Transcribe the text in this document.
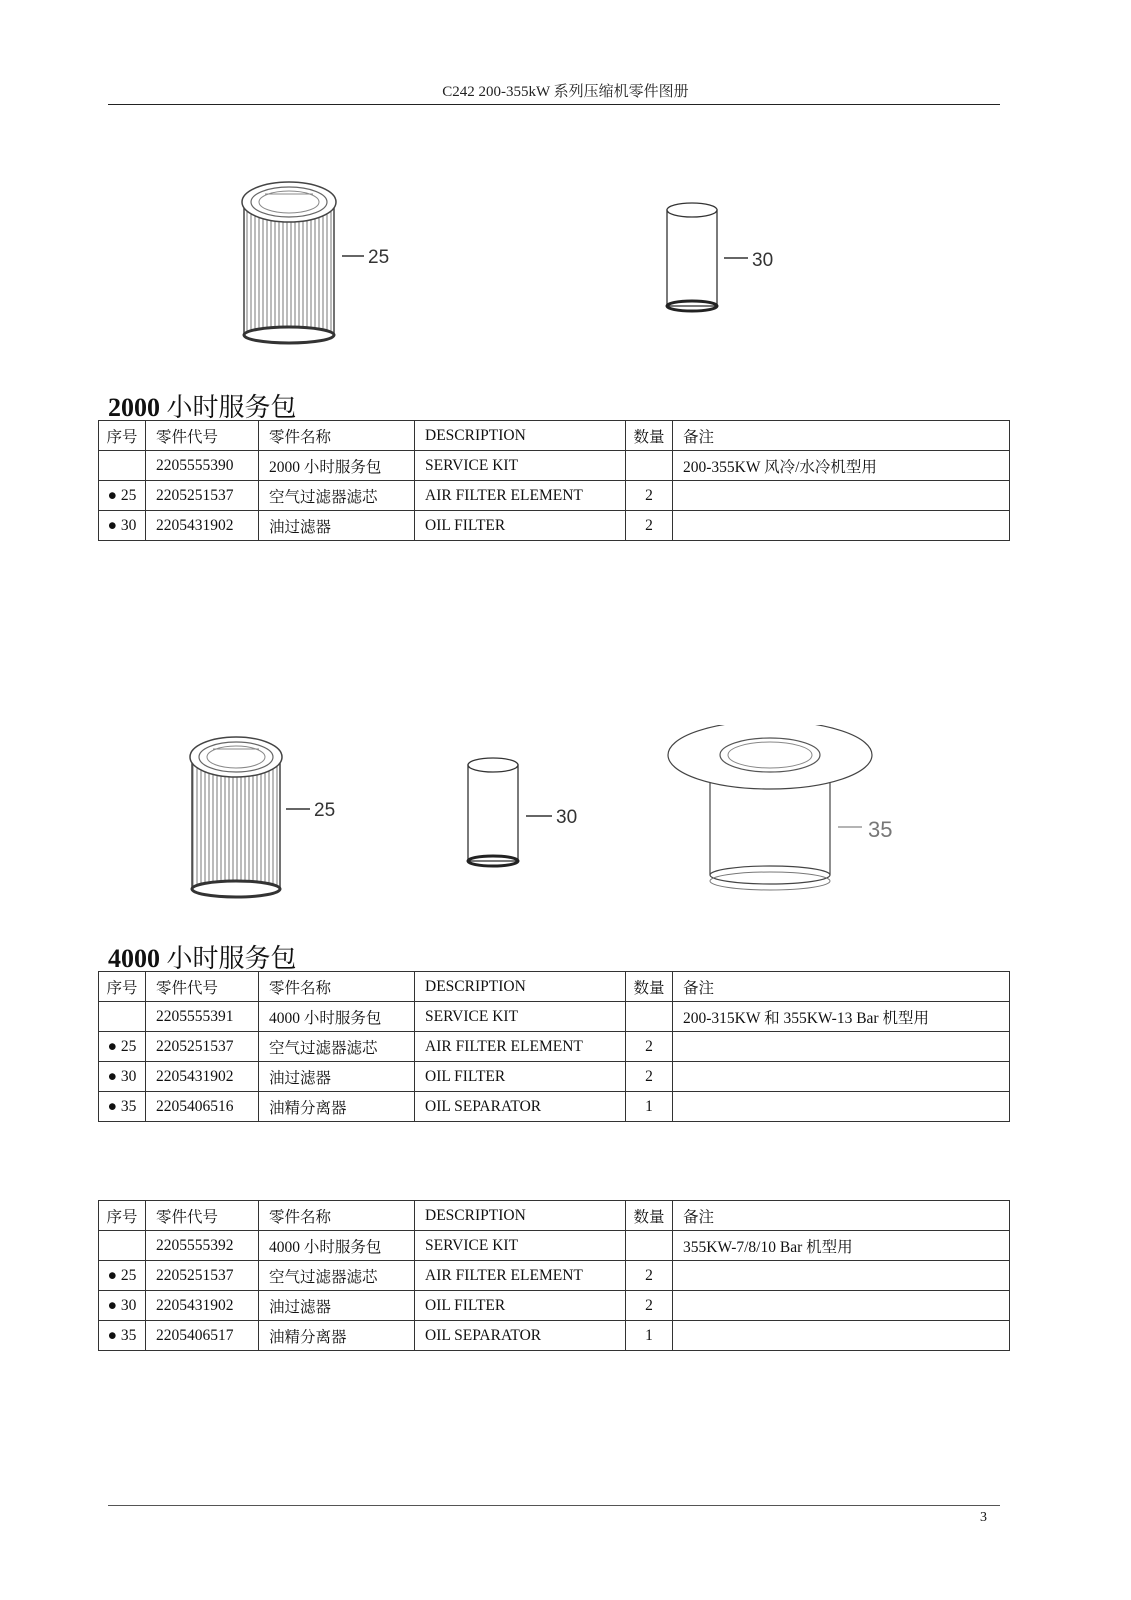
C242 200-355kW 系列压缩机零件图册
25	30
2000 小时服务包
序号	零件代号	零件名称	DESCRIPTION	数量	备注
	2205555390	2000 小时服务包	SERVICE KIT		200-355KW 风冷/水冷机型用
● 25	2205251537	空气过滤器滤芯	AIR FILTER ELEMENT	2	
● 30	2205431902	油过滤器	OIL FILTER	2	
25	30	35
4000 小时服务包
序号	零件代号	零件名称	DESCRIPTION	数量	备注
	2205555391	4000 小时服务包	SERVICE KIT		200-315KW 和 355KW-13 Bar 机型用
● 25	2205251537	空气过滤器滤芯	AIR FILTER ELEMENT	2	
● 30	2205431902	油过滤器	OIL FILTER	2	
● 35	2205406516	油精分离器	OIL SEPARATOR	1	
序号	零件代号	零件名称	DESCRIPTION	数量	备注
	2205555392	4000 小时服务包	SERVICE KIT		355KW-7/8/10 Bar 机型用
● 25	2205251537	空气过滤器滤芯	AIR FILTER ELEMENT	2	
● 30	2205431902	油过滤器	OIL FILTER	2	
● 35	2205406517	油精分离器	OIL SEPARATOR	1	
3
